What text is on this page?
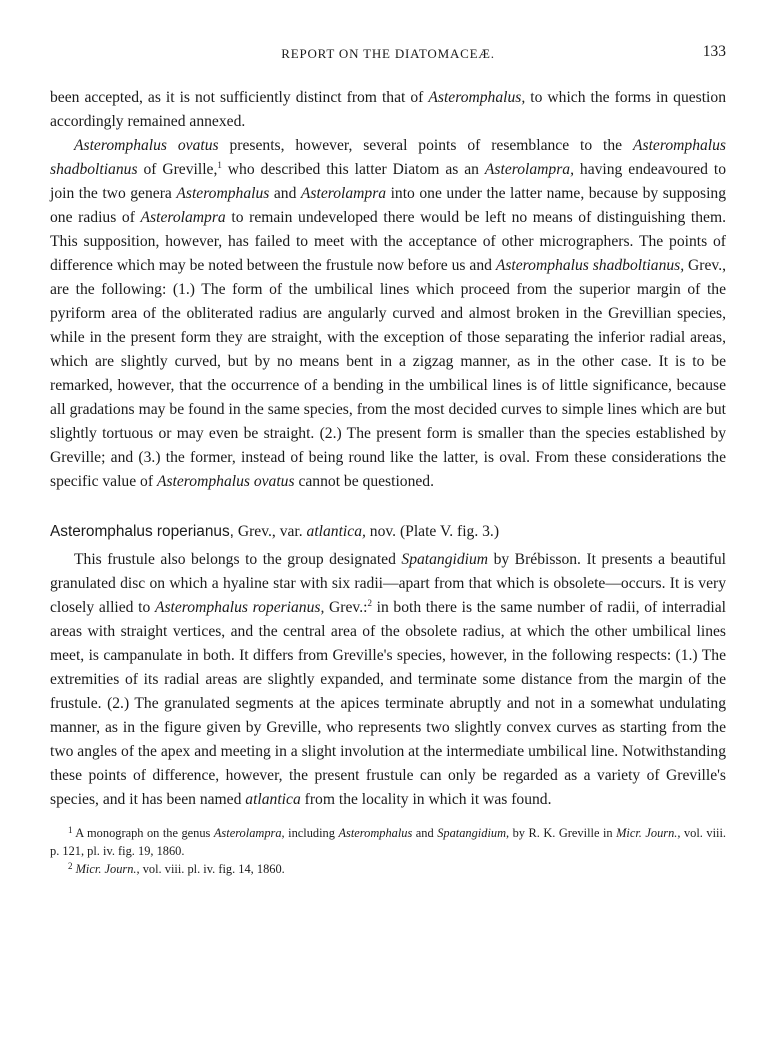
REPORT ON THE DIATOMACEÆ.	133

been accepted, as it is not sufficiently distinct from that of Asteromphalus, to which the forms in question accordingly remained annexed.

Asteromphalus ovatus presents, however, several points of resemblance to the Asteromphalus shadboltianus of Greville,$^1$ who described this latter Diatom as an Asterolampra, having endeavoured to join the two genera Asteromphalus and Asterolampra into one under the latter name, because by supposing one radius of Asterolampra to remain undeveloped there would be left no means of distinguishing them. This supposition, however, has failed to meet with the acceptance of other micrographers. The points of difference which may be noted between the frustule now before us and Asteromphalus shadboltianus, Grev., are the following: (1.) The form of the umbilical lines which proceed from the superior margin of the pyriform area of the obliterated radius are angularly curved and almost broken in the Grevillian species, while in the present form they are straight, with the exception of those separating the inferior radial areas, which are slightly curved, but by no means bent in a zigzag manner, as in the other case. It is to be remarked, however, that the occurrence of a bending in the umbilical lines is of little significance, because all gradations may be found in the same species, from the most decided curves to simple lines which are but slightly tortuous or may even be straight. (2.) The present form is smaller than the species established by Greville; and (3.) the former, instead of being round like the latter, is oval. From these considerations the specific value of Asteromphalus ovatus cannot be questioned.

Asteromphalus roperianus, Grev., var. atlantica, nov. (Plate V. fig. 3.)

This frustule also belongs to the group designated Spatangidium by Brébisson. It presents a beautiful granulated disc on which a hyaline star with six radii—apart from that which is obsolete—occurs. It is very closely allied to Asteromphalus roperianus, Grev.:$^2$ in both there is the same number of radii, of interradial areas with straight vertices, and the central area of the obsolete radius, at which the other umbilical lines meet, is campanulate in both. It differs from Greville's species, however, in the following respects: (1.) The extremities of its radial areas are slightly expanded, and terminate some distance from the margin of the frustule. (2.) The granulated segments at the apices terminate abruptly and not in a somewhat undulating manner, as in the figure given by Greville, who represents two slightly convex curves as starting from the two angles of the apex and meeting in a slight involution at the intermediate umbilical line. Notwithstanding these points of difference, however, the present frustule can only be regarded as a variety of Greville's species, and it has been named atlantica from the locality in which it was found.

$^1$ A monograph on the genus Asterolampra, including Asteromphalus and Spatangidium, by R. K. Greville in Micr. Journ., vol. viii. p. 121, pl. iv. fig. 19, 1860.

$^2$ Micr. Journ., vol. viii. pl. iv. fig. 14, 1860.
